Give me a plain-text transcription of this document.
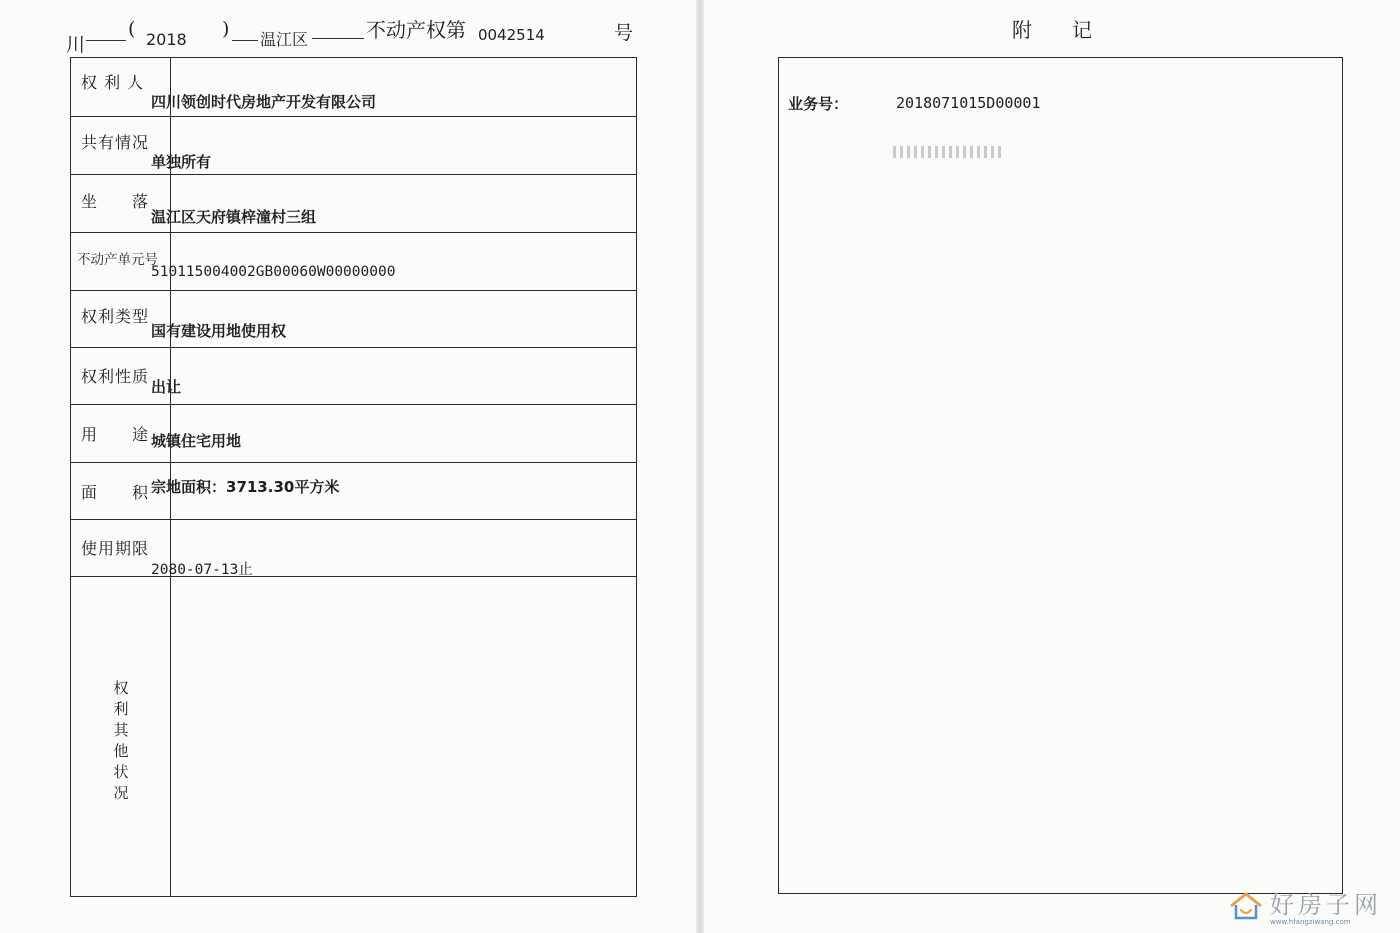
川
( 2018 ) 温江区	不动产权第 0042514	号
权 利 人
四川领创时代房地产开发有限公司
共有情况
单独所有
坐　　落
温江区天府镇梓潼村三组
不动产单元号
510115004002GB00060W00000000
权利类型
国有建设用地使用权
权利性质
出让
用　　途 城镇住宅用地
面　　积 宗地面积：3713.30平方米
使用期限
2080-07-13止
权利其他状况
附　　记
业务号：	2018071015D00001
好房子网
www.hfangziwang.com
